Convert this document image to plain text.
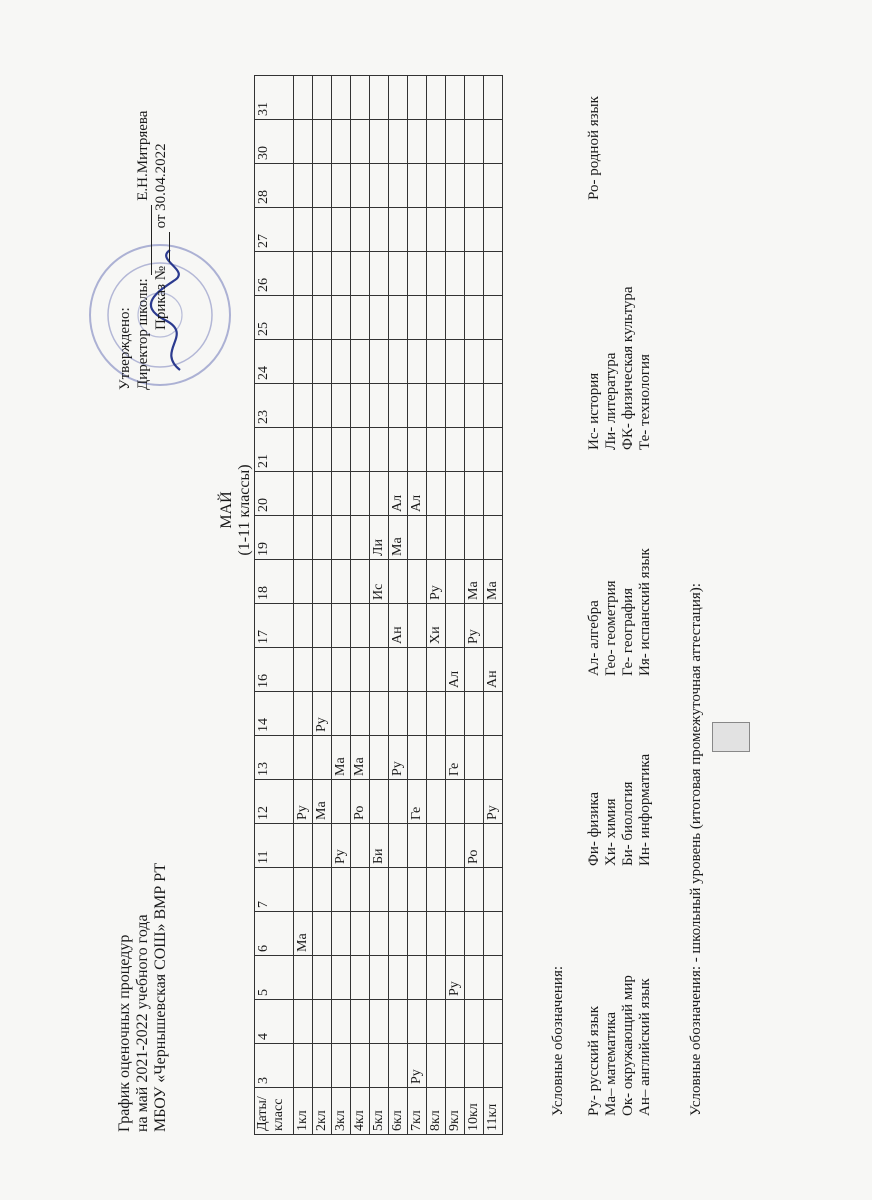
График оценочных процедур на май 2021-2022 учебного года МБОУ «Чернышевская СОШ» ВМР РТ
МАЙ (1-11 классы)
Утверждено: Директор школы:  Е.Н.Митряева
Приказ №  от 30.04.2022
Даты/ класс	3	4	5	6	7	11	12	13	14	16	17	18	19	20	21	23	24	25	26	27	28	30	31
1кл				Ма			Ру																
2кл							Ма		Ру														
3кл						Ру		Ма															
4кл							Ро	Ма															
5кл						Би						Ис	Ли										
6кл								Ру			Ан		Ма	Ал									
7кл	Ру						Ге							Ал									
8кл											Хи	Ру											
9кл			Ру					Ге		Ал													
10кл						Ро					Ру	Ма											
11кл							Ру			Ан		Ма											
Условные обозначения: Ру- русский язык Ма– математика Ок- окружающий мир Ан– английский язык
Фи- физика Хи- химия Би- биология Ин- информатика
Ал- алгебра Гео- геометрия Ге- география Ия- испанский язык
Ис- история Ли- литература ФК- физическая культура Те- технология
Ро- родной язык
Условные обозначения: - школьный уровень (итоговая промежуточная аттестация):
